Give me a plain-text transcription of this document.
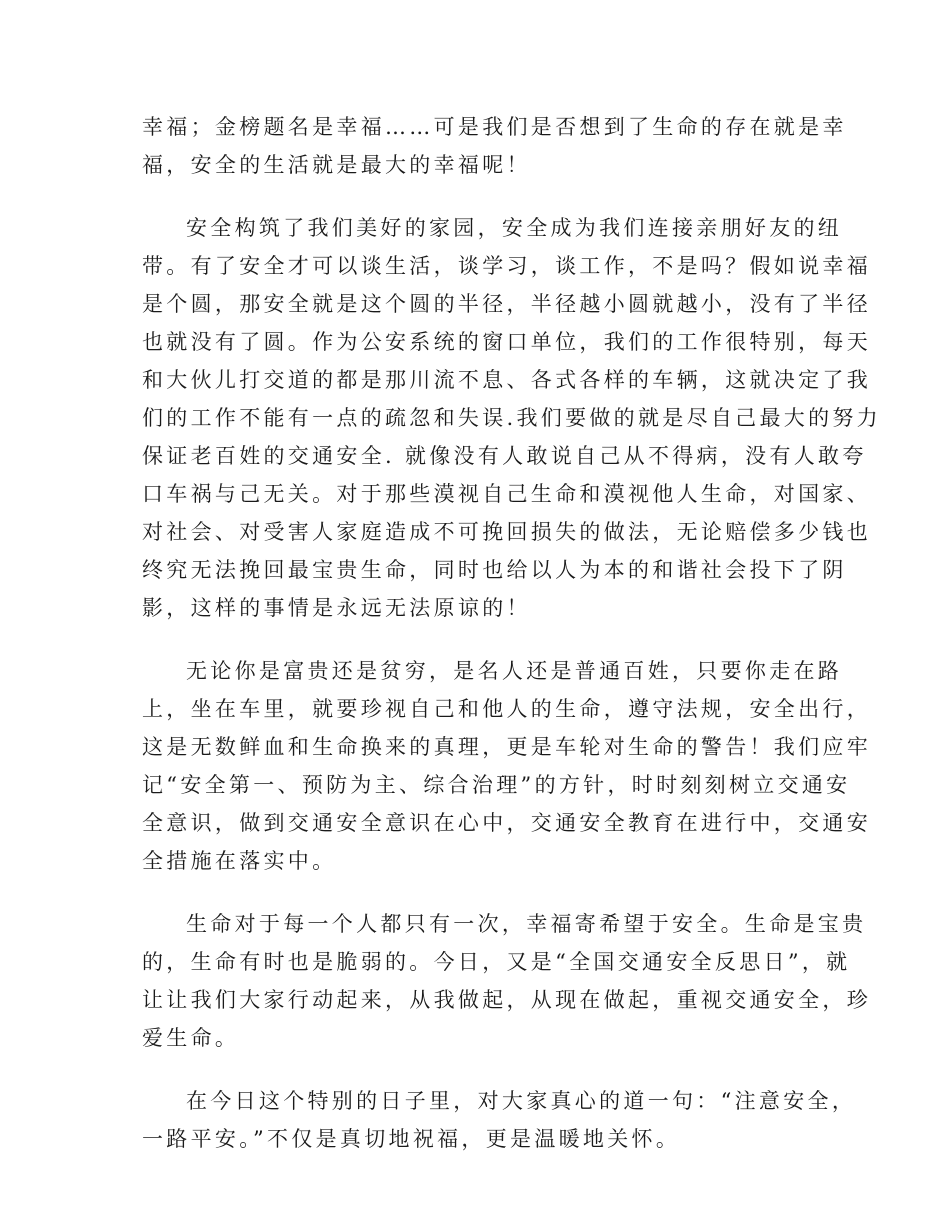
幸福；金榜题名是幸福……可是我们是否想到了生命的存在就是幸
福，安全的生活就是最大的幸福呢！
安全构筑了我们美好的家园，安全成为我们连接亲朋好友的纽
带。有了安全才可以谈生活，谈学习，谈工作，不是吗？假如说幸福
是个圆，那安全就是这个圆的半径，半径越小圆就越小，没有了半径
也就没有了圆。作为公安系统的窗口单位，我们的工作很特别，每天
和大伙儿打交道的都是那川流不息、各式各样的车辆，这就决定了我
们的工作不能有一点的疏忽和失误.我们要做的就是尽自己最大的努力
保证老百姓的交通安全. 就像没有人敢说自己从不得病，没有人敢夸
口车祸与己无关。对于那些漠视自己生命和漠视他人生命，对国家、
对社会、对受害人家庭造成不可挽回损失的做法，无论赔偿多少钱也
终究无法挽回最宝贵生命，同时也给以人为本的和谐社会投下了阴
影，这样的事情是永远无法原谅的！
无论你是富贵还是贫穷，是名人还是普通百姓，只要你走在路
上，坐在车里，就要珍视自己和他人的生命，遵守法规，安全出行，
这是无数鲜血和生命换来的真理，更是车轮对生命的警告！我们应牢
记“安全第一、预防为主、综合治理”的方针，时时刻刻树立交通安
全意识，做到交通安全意识在心中，交通安全教育在进行中，交通安
全措施在落实中。
生命对于每一个人都只有一次，幸福寄希望于安全。生命是宝贵
的，生命有时也是脆弱的。今日，又是“全国交通安全反思日”，就
让让我们大家行动起来，从我做起，从现在做起，重视交通安全，珍
爱生命。
在今日这个特别的日子里，对大家真心的道一句：“注意安全，
一路平安。”不仅是真切地祝福，更是温暖地关怀。
